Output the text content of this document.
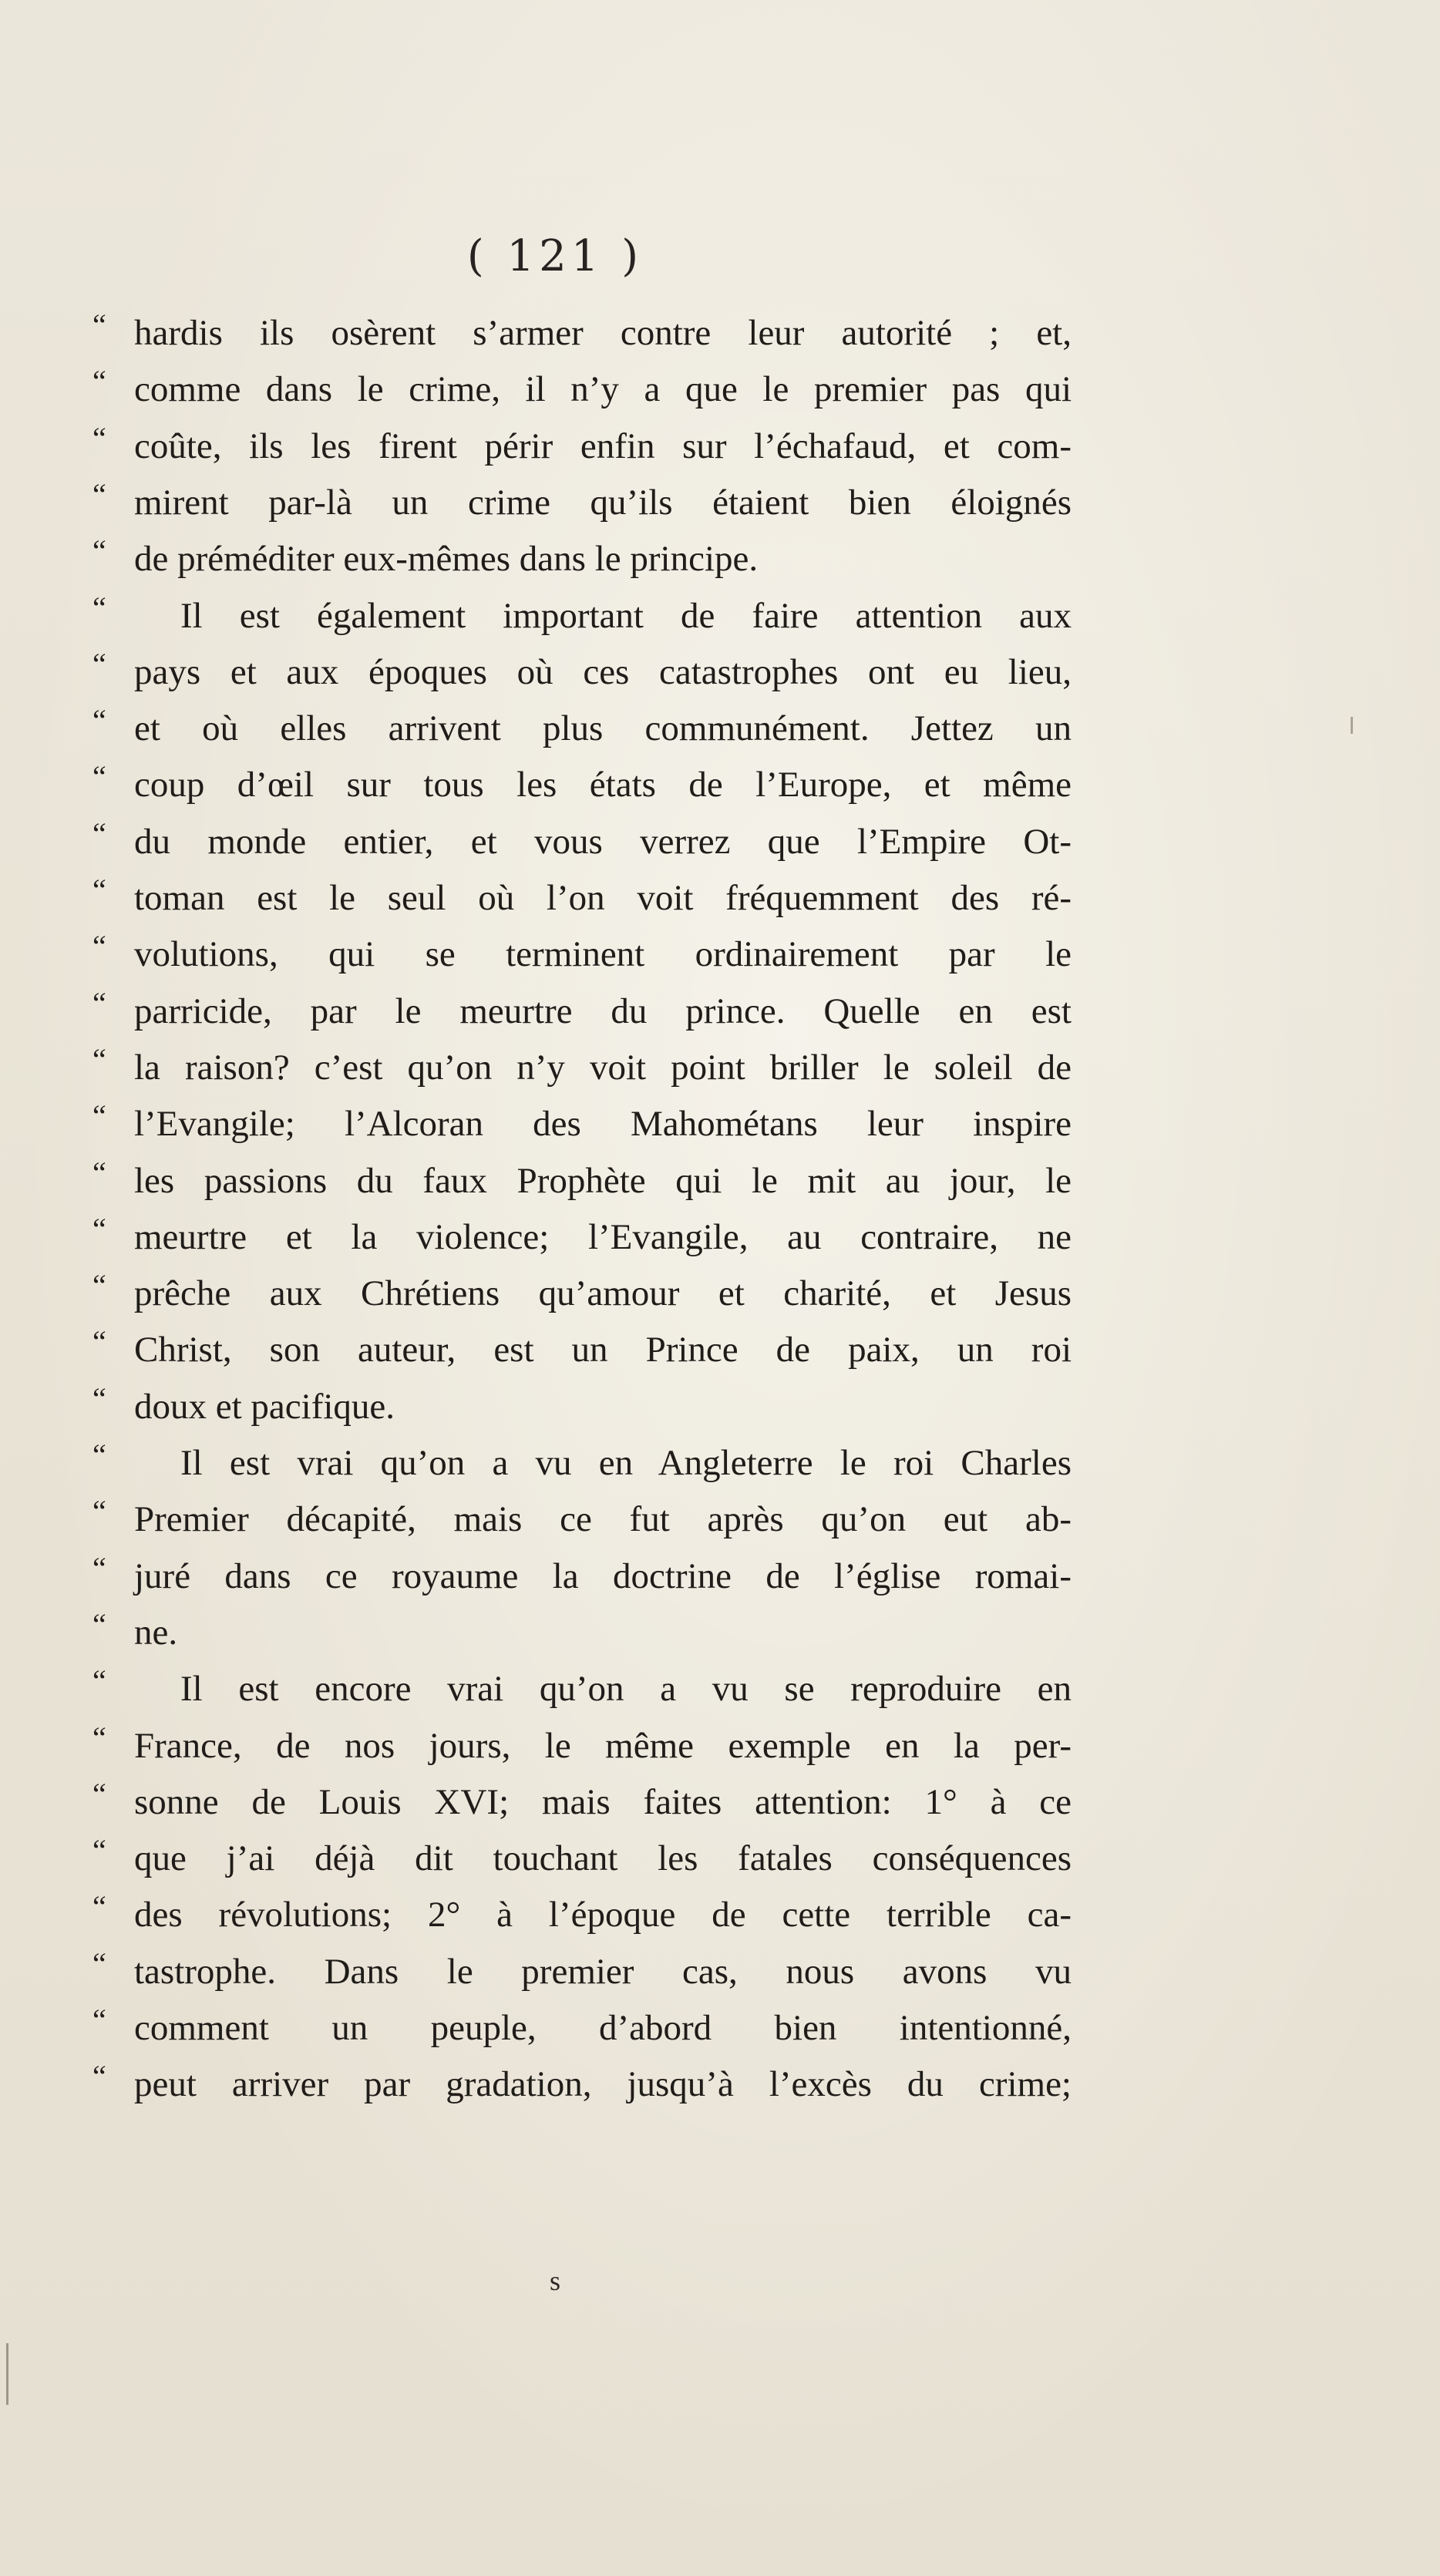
( 121 )
“ hardis ils osèrent s’armer contre leur autorité ; et,
“ comme dans le crime, il n’y a que le premier pas qui
“ coûte, ils les firent périr enfin sur l’échafaud, et com-
“ mirent par-là un crime qu’ils étaient bien éloignés
“ de préméditer eux-mêmes dans le principe.
“ Il est également important de faire attention aux
“ pays et aux époques où ces catastrophes ont eu lieu,
“ et où elles arrivent plus communément. Jettez un
“ coup d’œil sur tous les états de l’Europe, et même
“ du monde entier, et vous verrez que l’Empire Ot-
“ toman est le seul où l’on voit fréquemment des ré-
“ volutions, qui se terminent ordinairement par le
“ parricide, par le meurtre du prince. Quelle en est
“ la raison? c’est qu’on n’y voit point briller le soleil de
“ l’Evangile; l’Alcoran des Mahométans leur inspire
“ les passions du faux Prophète qui le mit au jour, le
“ meurtre et la violence; l’Evangile, au contraire, ne
“ prêche aux Chrétiens qu’amour et charité, et Jesus
“ Christ, son auteur, est un Prince de paix, un roi
“ doux et pacifique.
“ Il est vrai qu’on a vu en Angleterre le roi Charles
“ Premier décapité, mais ce fut après qu’on eut ab-
“ juré dans ce royaume la doctrine de l’église romai-
“ ne.
“ Il est encore vrai qu’on a vu se reproduire en
“ France, de nos jours, le même exemple en la per-
“ sonne de Louis XVI; mais faites attention: 1° à ce
“ que j’ai déjà dit touchant les fatales conséquences
“ des révolutions; 2° à l’époque de cette terrible ca-
“ tastrophe. Dans le premier cas, nous avons vu
“ comment un peuple, d’abord bien intentionné,
“ peut arriver par gradation, jusqu’à l’excès du crime;
s
